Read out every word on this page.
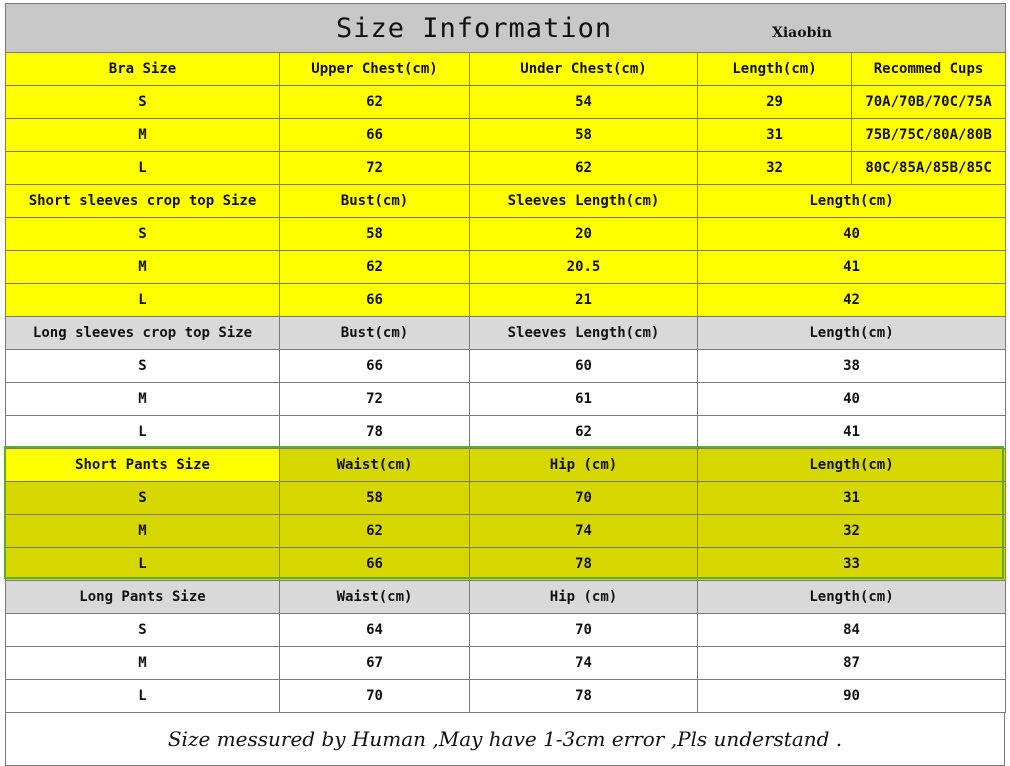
Size Information Xiaobin				

Bra Size	Upper Chest(cm)	Under Chest(cm)	Length(cm)	Recommed Cups
S	62	54	29	70A/70B/70C/75A
M	66	58	31	75B/75C/80A/80B
L	72	62	32	80C/85A/85B/85C
Short sleeves crop top Size	Bust(cm)	Sleeves Length(cm)	Length(cm)	
S	58	20	40	
M	62	20.5	41	
L	66	21	42	
Long sleeves crop top Size	Bust(cm)	Sleeves Length(cm)	Length(cm)	
S	66	60	38	
M	72	61	40	
L	78	62	41	
Short Pants Size	Waist(cm)	Hip (cm)	Length(cm)	
S	58	70	31	
M	62	74	32	
L	66	78	33	
Long Pants Size	Waist(cm)	Hip (cm)	Length(cm)	
S	64	70	84	
M	67	74	87	
L	70	78	90	
Size messured by Human ,May have 1-3cm error ,Pls understand .
